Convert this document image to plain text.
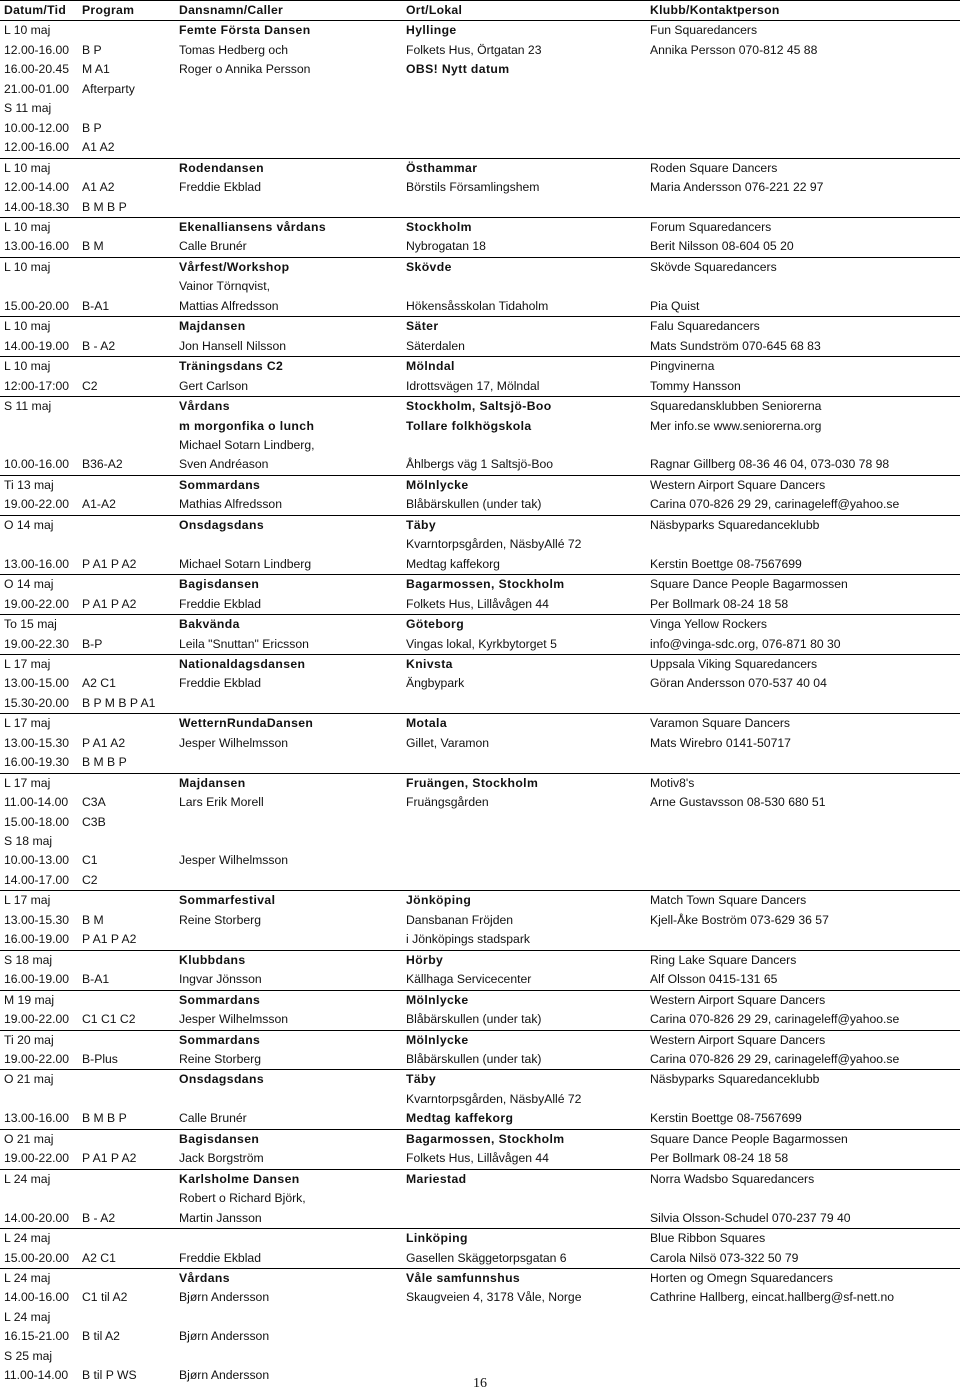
Datum/Tid	Program	Dansnamn/Caller	Ort/Lokal	Klubb/Kontaktperson
L 10 maj		Femte Första Dansen	Hyllinge	Fun Squaredancers
12.00-16.00	B P	Tomas Hedberg och	Folkets Hus, Örtgatan 23	Annika Persson 070-812 45 88
16.00-20.45	M A1	Roger o Annika Persson	OBS! Nytt datum	
21.00-01.00	Afterparty			
S 11 maj				
10.00-12.00	B P			
12.00-16.00	A1 A2			
L 10 maj		Rodendansen	Östhammar	Roden Square Dancers
12.00-14.00	A1 A2	Freddie Ekblad	Börstils Församlingshem	Maria Andersson 076-221 22 97
14.00-18.30	B M B P			
L 10 maj		Ekenalliansens vårdans	Stockholm	Forum Squaredancers
13.00-16.00	B M	Calle Brunér	Nybrogatan 18	Berit Nilsson 08-604 05 20
L 10 maj		Vårfest/Workshop	Skövde	Skövde Squaredancers
		Vainor Törnqvist,		
15.00-20.00	B-A1	Mattias Alfredsson	Hökensåsskolan Tidaholm	Pia Quist
L 10 maj		Majdansen	Säter	Falu Squaredancers
14.00-19.00	B - A2	Jon Hansell Nilsson	Säterdalen	Mats Sundström 070-645 68 83
L 10 maj		Träningsdans C2	Mölndal	Pingvinerna
12:00-17:00	C2	Gert Carlson	Idrottsvägen 17, Mölndal	Tommy Hansson
S 11 maj		Vårdans	Stockholm, Saltsjö-Boo	Squaredansklubben Seniorerna
		m morgonfika o lunch	Tollare folkhögskola	Mer info.se www.seniorerna.org
		Michael Sotarn Lindberg,		
10.00-16.00	B36-A2	Sven Andréason	Åhlbergs väg 1 Saltsjö-Boo	Ragnar Gillberg 08-36 46 04, 073-030 78 98
Ti 13 maj		Sommardans	Mölnlycke	Western Airport Square Dancers
19.00-22.00	A1-A2	Mathias Alfredsson	Blåbärskullen (under tak)	Carina 070-826 29 29, carinageleff@yahoo.se
O 14 maj		Onsdagsdans	Täby	Näsbyparks Squaredanceklubb
			Kvarntorpsgården, NäsbyAllé 72	
13.00-16.00	P A1 P A2	Michael Sotarn Lindberg	Medtag kaffekorg	Kerstin Boettge 08-7567699
O 14 maj		Bagisdansen	Bagarmossen, Stockholm	Square Dance People Bagarmossen
19.00-22.00	P A1 P A2	Freddie Ekblad	Folkets Hus, Lillåvågen 44	Per Bollmark 08-24 18 58
To 15 maj		Bakvända	Göteborg	Vinga Yellow Rockers
19.00-22.30	B-P	Leila "Snuttan" Ericsson	Vingas lokal, Kyrkbytorget 5	info@vinga-sdc.org, 076-871 80 30
L 17 maj		Nationaldagsdansen	Knivsta	Uppsala Viking Squaredancers
13.00-15.00	A2 C1	Freddie Ekblad	Ängbypark	Göran Andersson 070-537 40 04
15.30-20.00	B P M B P A1			
L 17 maj		WetternRundaDansen	Motala	Varamon Square Dancers
13.00-15.30	P A1 A2	Jesper Wilhelmsson	Gillet, Varamon	Mats Wirebro 0141-50717
16.00-19.30	B M B P			
L 17 maj		Majdansen	Fruängen, Stockholm	Motiv8's
11.00-14.00	C3A	Lars Erik Morell	Fruängsgården	Arne Gustavsson 08-530 680 51
15.00-18.00	C3B			
S 18 maj				
10.00-13.00	C1	Jesper Wilhelmsson		
14.00-17.00	C2			
L 17 maj		Sommarfestival	Jönköping	Match Town Square Dancers
13.00-15.30	B M	Reine Storberg	Dansbanan Fröjden	Kjell-Åke Boström 073-629 36 57
16.00-19.00	P A1 P A2		i Jönköpings stadspark	
S 18 maj		Klubbdans	Hörby	Ring Lake Square Dancers
16.00-19.00	B-A1	Ingvar Jönsson	Källhaga Servicecenter	Alf Olsson 0415-131 65
M 19 maj		Sommardans	Mölnlycke	Western Airport Square Dancers
19.00-22.00	C1 C1 C2	Jesper Wilhelmsson	Blåbärskullen (under tak)	Carina 070-826 29 29, carinageleff@yahoo.se
Ti 20 maj		Sommardans	Mölnlycke	Western Airport Square Dancers
19.00-22.00	B-Plus	Reine Storberg	Blåbärskullen (under tak)	Carina 070-826 29 29, carinageleff@yahoo.se
O 21 maj		Onsdagsdans	Täby	Näsbyparks Squaredanceklubb
			Kvarntorpsgården, NäsbyAllé 72	
13.00-16.00	B M B P	Calle Brunér	Medtag kaffekorg	Kerstin Boettge 08-7567699
O 21 maj		Bagisdansen	Bagarmossen, Stockholm	Square Dance People Bagarmossen
19.00-22.00	P A1 P A2	Jack Borgström	Folkets Hus, Lillåvågen 44	Per Bollmark 08-24 18 58
L 24 maj		Karlsholme Dansen	Mariestad	Norra Wadsbo Squaredancers
		Robert o Richard Björk,		
14.00-20.00	B - A2	Martin Jansson		Silvia Olsson-Schudel 070-237 79 40
L 24 maj			Linköping	Blue Ribbon Squares
15.00-20.00	A2 C1	Freddie Ekblad	Gasellen Skäggetorpsgatan 6	Carola Nilsö 073-322 50 79
L 24 maj		Vårdans	Våle samfunnshus	Horten og Omegn Squaredancers
14.00-16.00	C1 til A2	Bjørn Andersson	Skaugveien 4, 3178 Våle, Norge	Cathrine Hallberg, eincat.hallberg@sf-nett.no
L 24 maj				
16.15-21.00	B til A2	Bjørn Andersson		
S 25 maj				
11.00-14.00	B til P WS	Bjørn Andersson		
16
